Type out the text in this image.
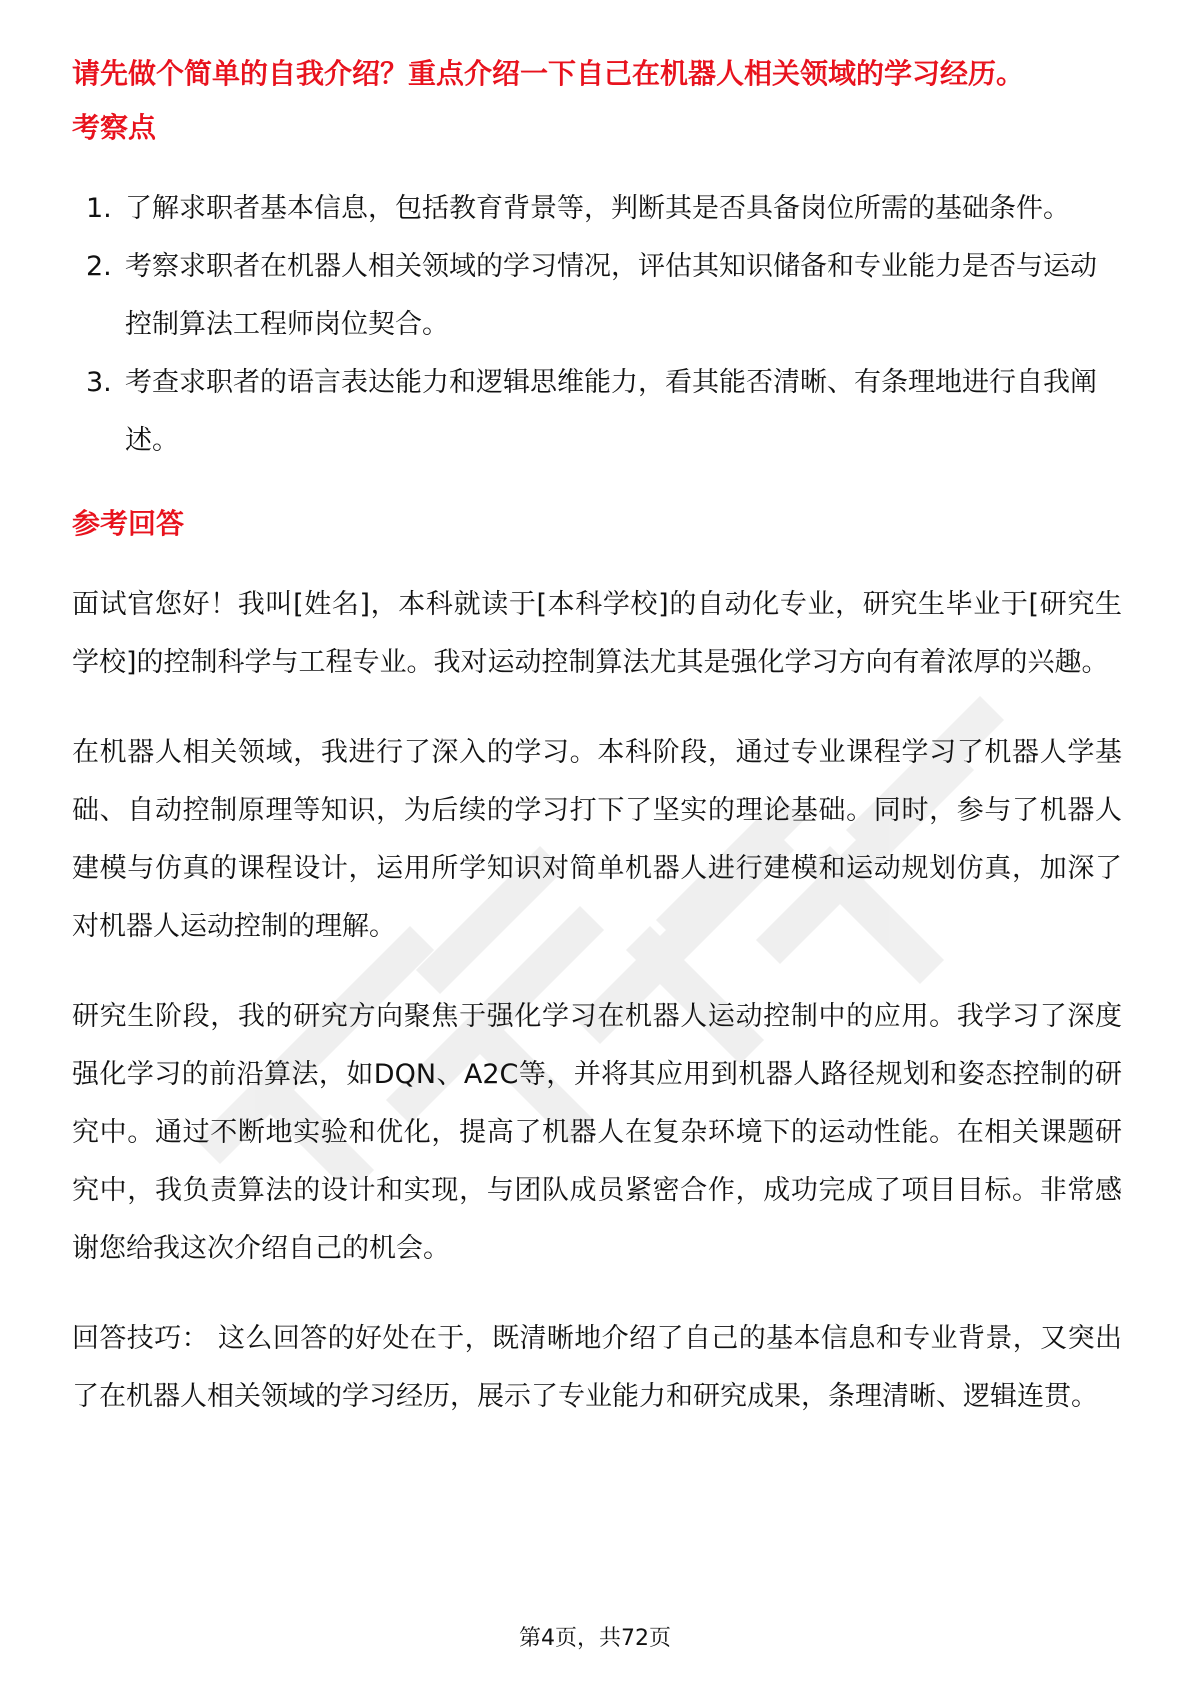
请先做个简单的自我介绍？重点介绍一下自己在机器人相关领域的学习经历。

考察点

1. 了解求职者基本信息，包括教育背景等，判断其是否具备岗位所需的基础条件。
2. 考察求职者在机器人相关领域的学习情况，评估其知识储备和专业能力是否与运动控制算法工程师岗位契合。
3. 考查求职者的语言表达能力和逻辑思维能力，看其能否清晰、有条理地进行自我阐述。

参考回答

面试官您好！我叫[姓名]，本科就读于[本科学校]的自动化专业，研究生毕业于[研究生学校]的控制科学与工程专业。我对运动控制算法尤其是强化学习方向有着浓厚的兴趣。

在机器人相关领域，我进行了深入的学习。本科阶段，通过专业课程学习了机器人学基础、自动控制原理等知识，为后续的学习打下了坚实的理论基础。同时，参与了机器人建模与仿真的课程设计，运用所学知识对简单机器人进行建模和运动规划仿真，加深了对机器人运动控制的理解。

研究生阶段，我的研究方向聚焦于强化学习在机器人运动控制中的应用。我学习了深度强化学习的前沿算法，如DQN、A2C等，并将其应用到机器人路径规划和姿态控制的研究中。通过不断地实验和优化，提高了机器人在复杂环境下的运动性能。在相关课题研究中，我负责算法的设计和实现，与团队成员紧密合作，成功完成了项目目标。非常感谢您给我这次介绍自己的机会。

回答技巧： 这么回答的好处在于，既清晰地介绍了自己的基本信息和专业背景，又突出了在机器人相关领域的学习经历，展示了专业能力和研究成果，条理清晰、逻辑连贯。

第4页，共72页
